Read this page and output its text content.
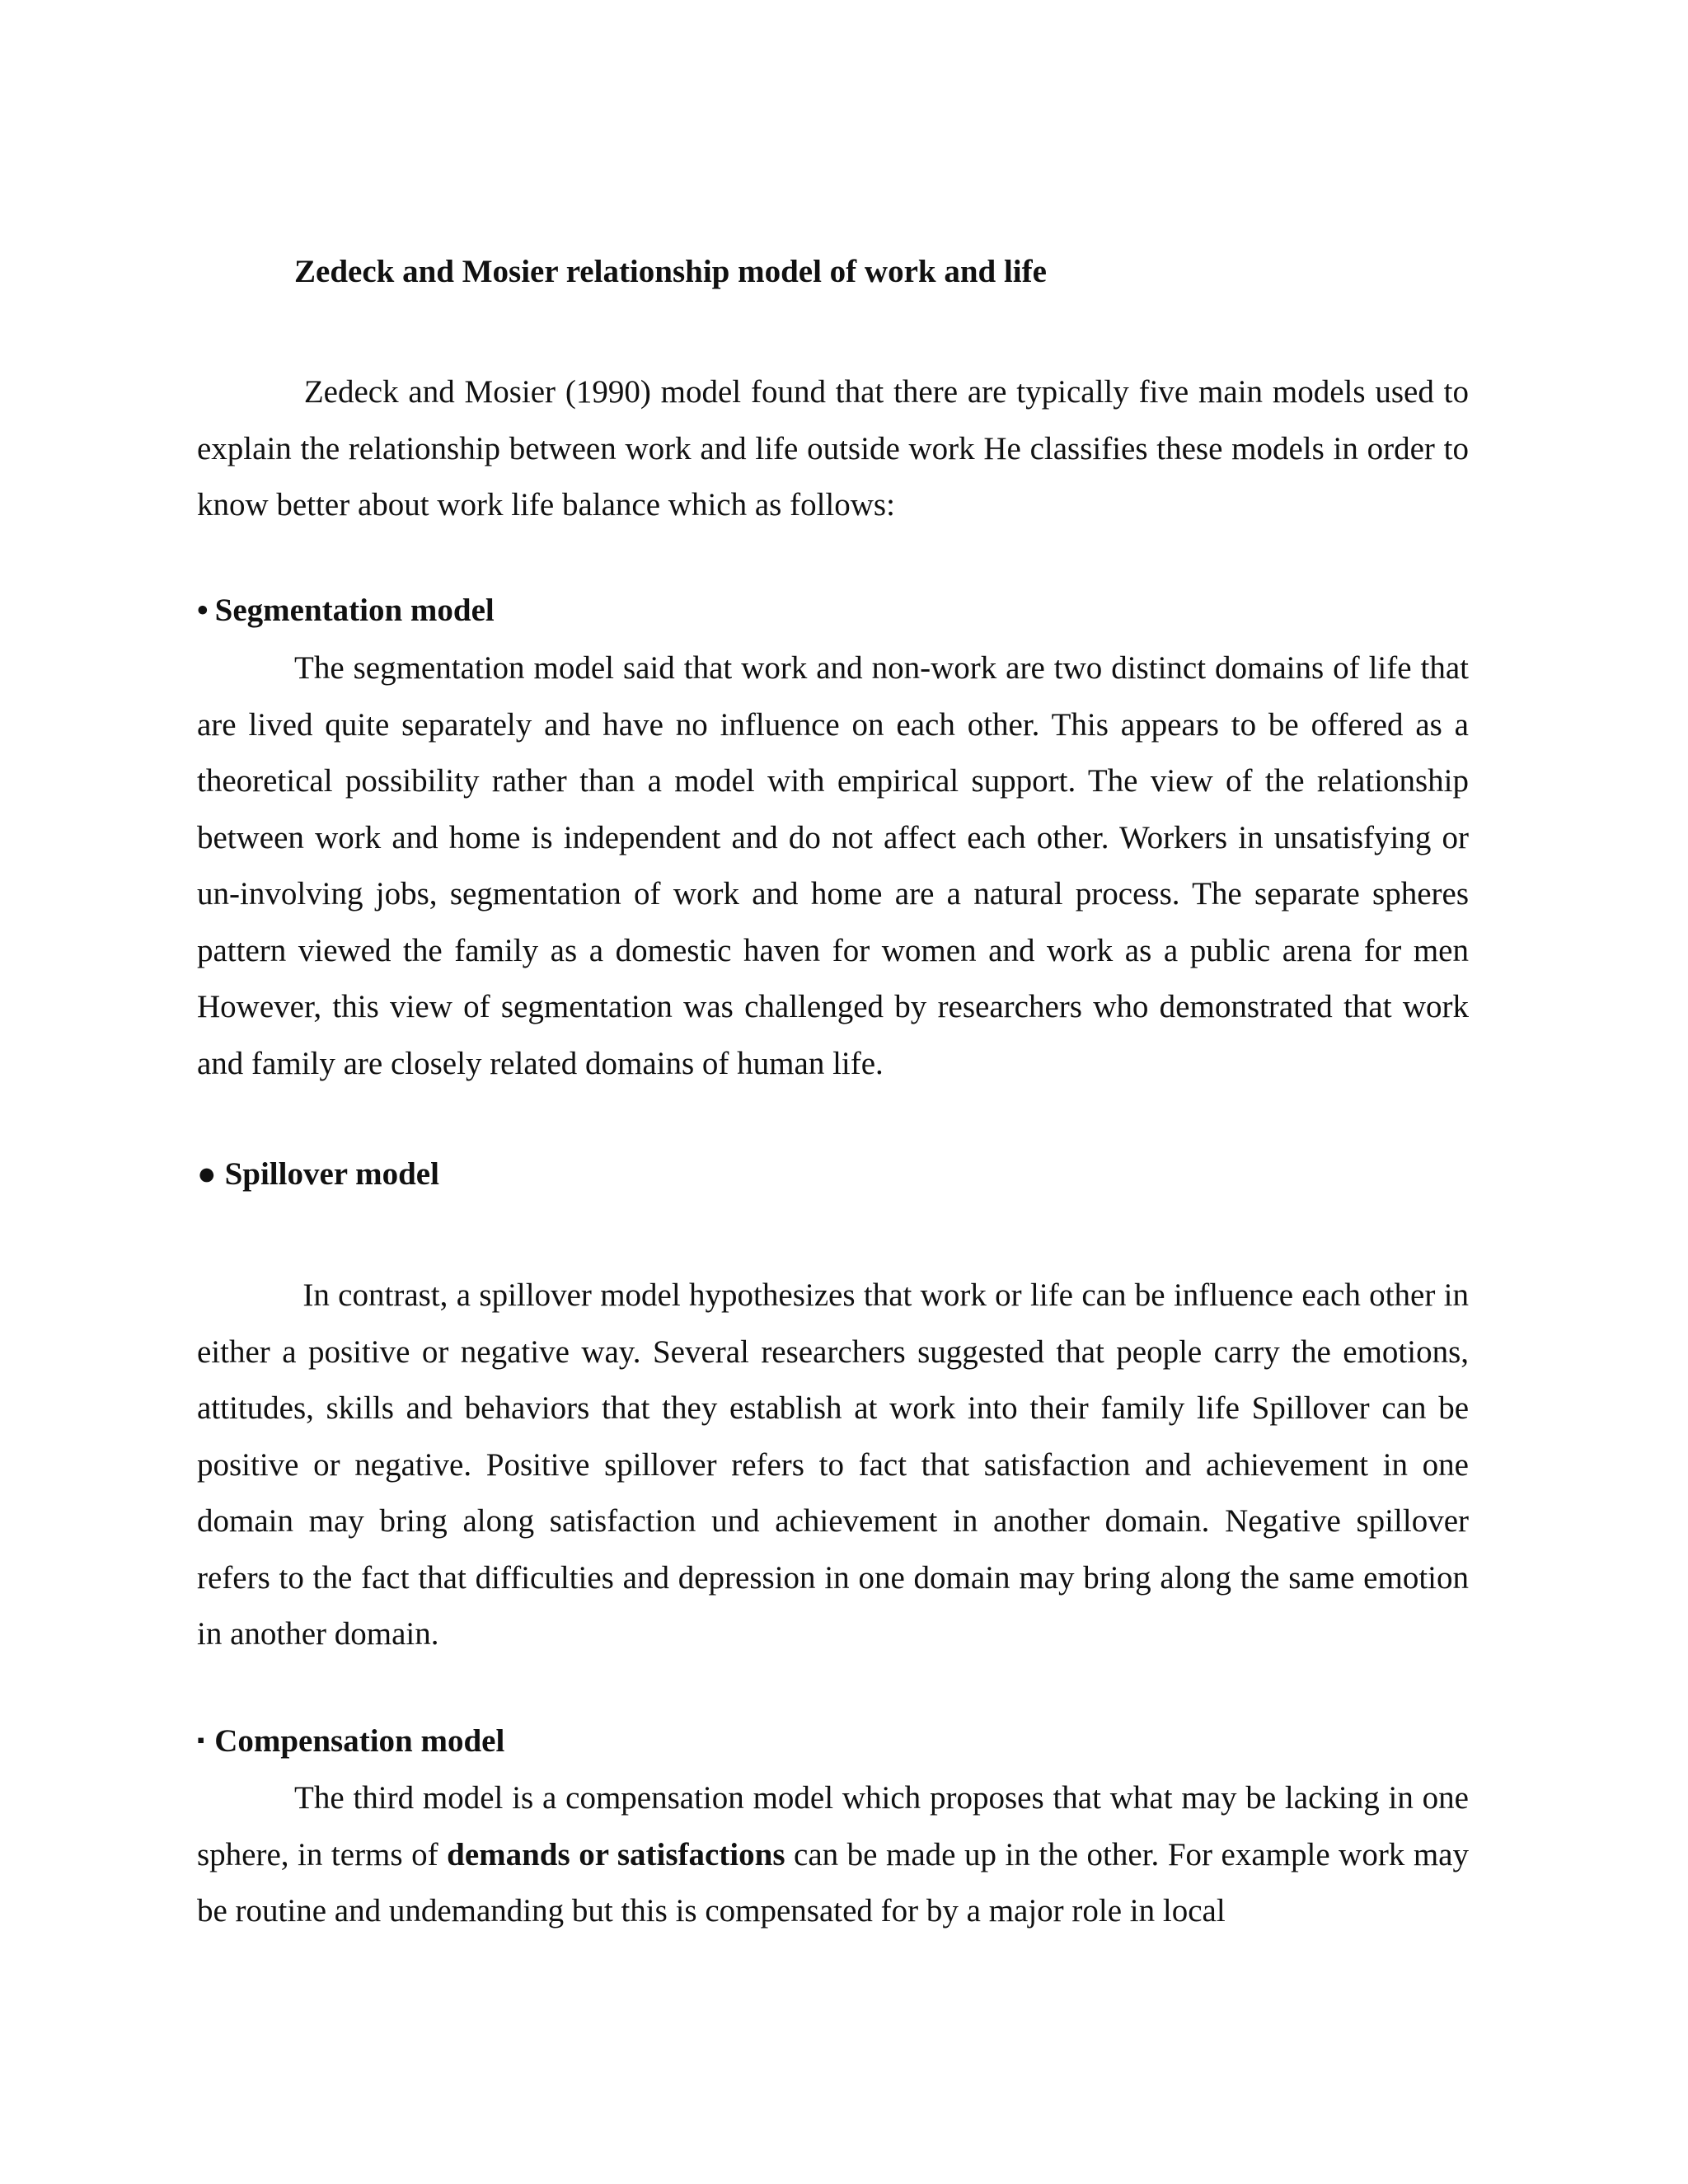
Zedeck and Mosier relationship model of work and life

Zedeck and Mosier (1990) model found that there are typically five main models used to explain the relationship between work and life outside work He classifies these models in order to know better about work life balance which as follows:

• Segmentation model

The segmentation model said that work and non-work are two distinct domains of life that are lived quite separately and have no influence on each other. This appears to be offered as a theoretical possibility rather than a model with empirical support. The view of the relationship between work and home is independent and do not affect each other. Workers in unsatisfying or un-involving jobs, segmentation of work and home are a natural process. The separate spheres pattern viewed the family as a domestic haven for women and work as a public arena for men However, this view of segmentation was challenged by researchers who demonstrated that work and family are closely related domains of human life.

● Spillover model

In contrast, a spillover model hypothesizes that work or life can be influence each other in either a positive or negative way. Several researchers suggested that people carry the emotions, attitudes, skills and behaviors that they establish at work into their family life Spillover can be positive or negative. Positive spillover refers to fact that satisfaction and achievement in one domain may bring along satisfaction und achievement in another domain. Negative spillover refers to the fact that difficulties and depression in one domain may bring along the same emotion in another domain.

▪ Compensation model

The third model is a compensation model which proposes that what may be lacking in one sphere, in terms of demands or satisfactions can be made up in the other. For example work may be routine and undemanding but this is compensated for by a major role in local
